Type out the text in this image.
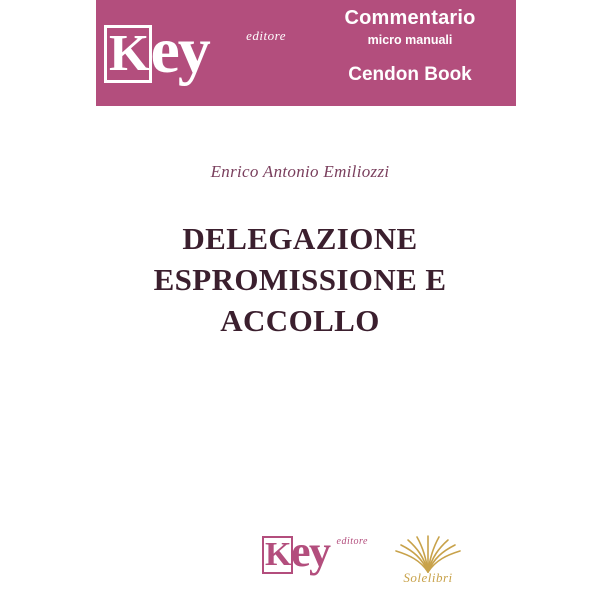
Key	editore
Commentario
micro manuali
Cendon Book
Enrico Antonio Emiliozzi
DELEGAZIONE
ESPROMISSIONE E
ACCOLLO
Key editore
Solelibri
